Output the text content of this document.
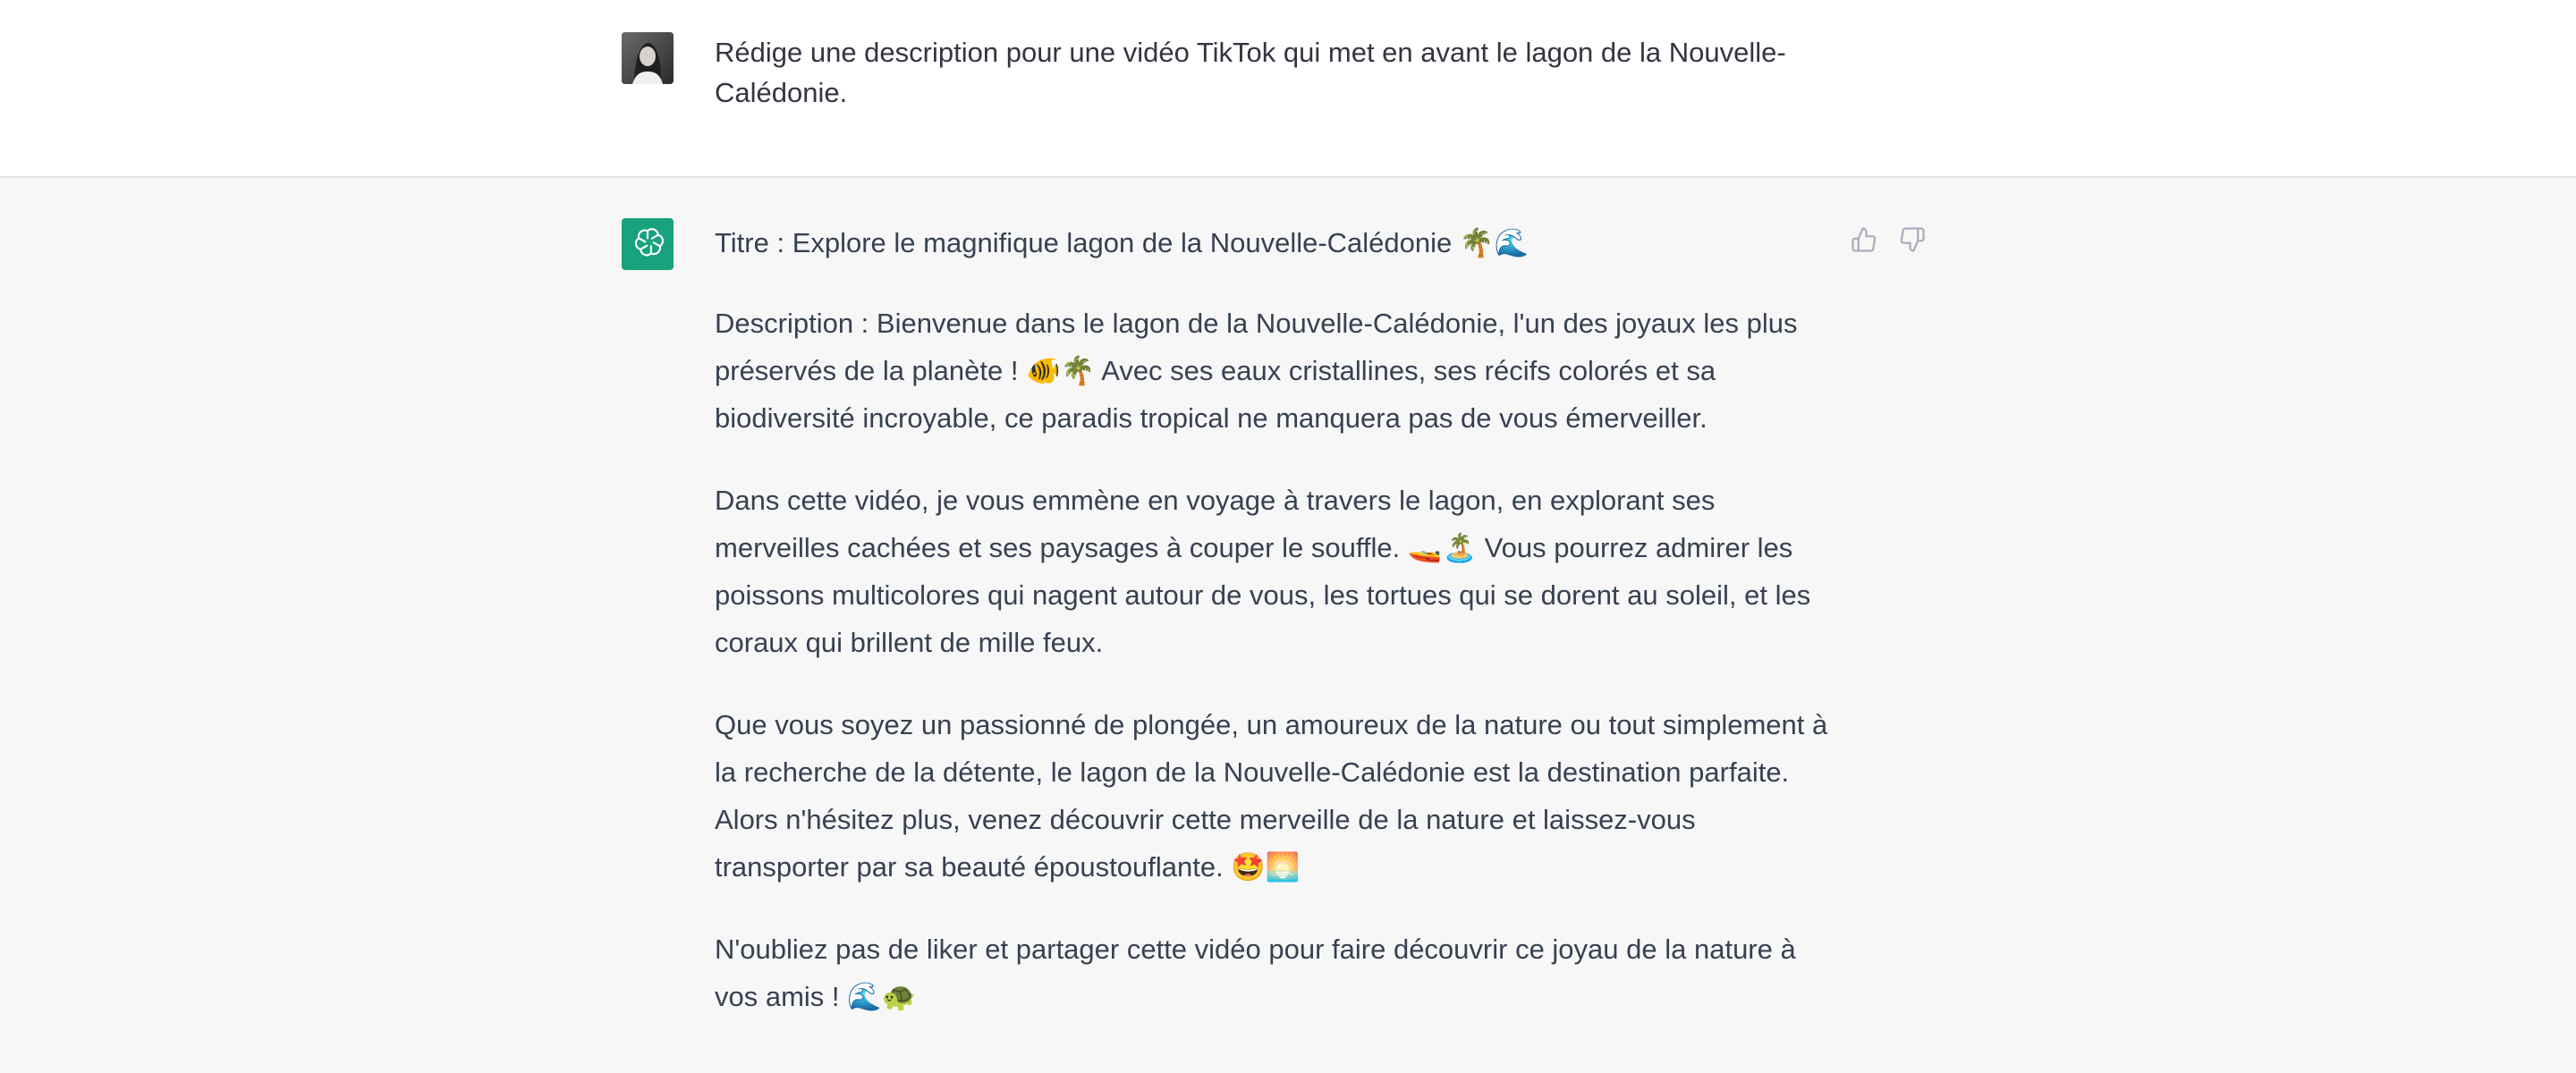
Rédige une description pour une vidéo TikTok qui met en avant le lagon de la Nouvelle-Calédonie.

Titre : Explore le magnifique lagon de la Nouvelle-Calédonie 🌴🌊

Description : Bienvenue dans le lagon de la Nouvelle-Calédonie, l'un des joyaux les plus préservés de la planète ! 🐠🌴 Avec ses eaux cristallines, ses récifs colorés et sa biodiversité incroyable, ce paradis tropical ne manquera pas de vous émerveiller.

Dans cette vidéo, je vous emmène en voyage à travers le lagon, en explorant ses merveilles cachées et ses paysages à couper le souffle. 🚤🏝️ Vous pourrez admirer les poissons multicolores qui nagent autour de vous, les tortues qui se dorent au soleil, et les coraux qui brillent de mille feux.

Que vous soyez un passionné de plongée, un amoureux de la nature ou tout simplement à la recherche de la détente, le lagon de la Nouvelle-Calédonie est la destination parfaite. Alors n'hésitez plus, venez découvrir cette merveille de la nature et laissez-vous transporter par sa beauté époustouflante. 🤩🌅

N'oubliez pas de liker et partager cette vidéo pour faire découvrir ce joyau de la nature à vos amis ! 🌊🐢
